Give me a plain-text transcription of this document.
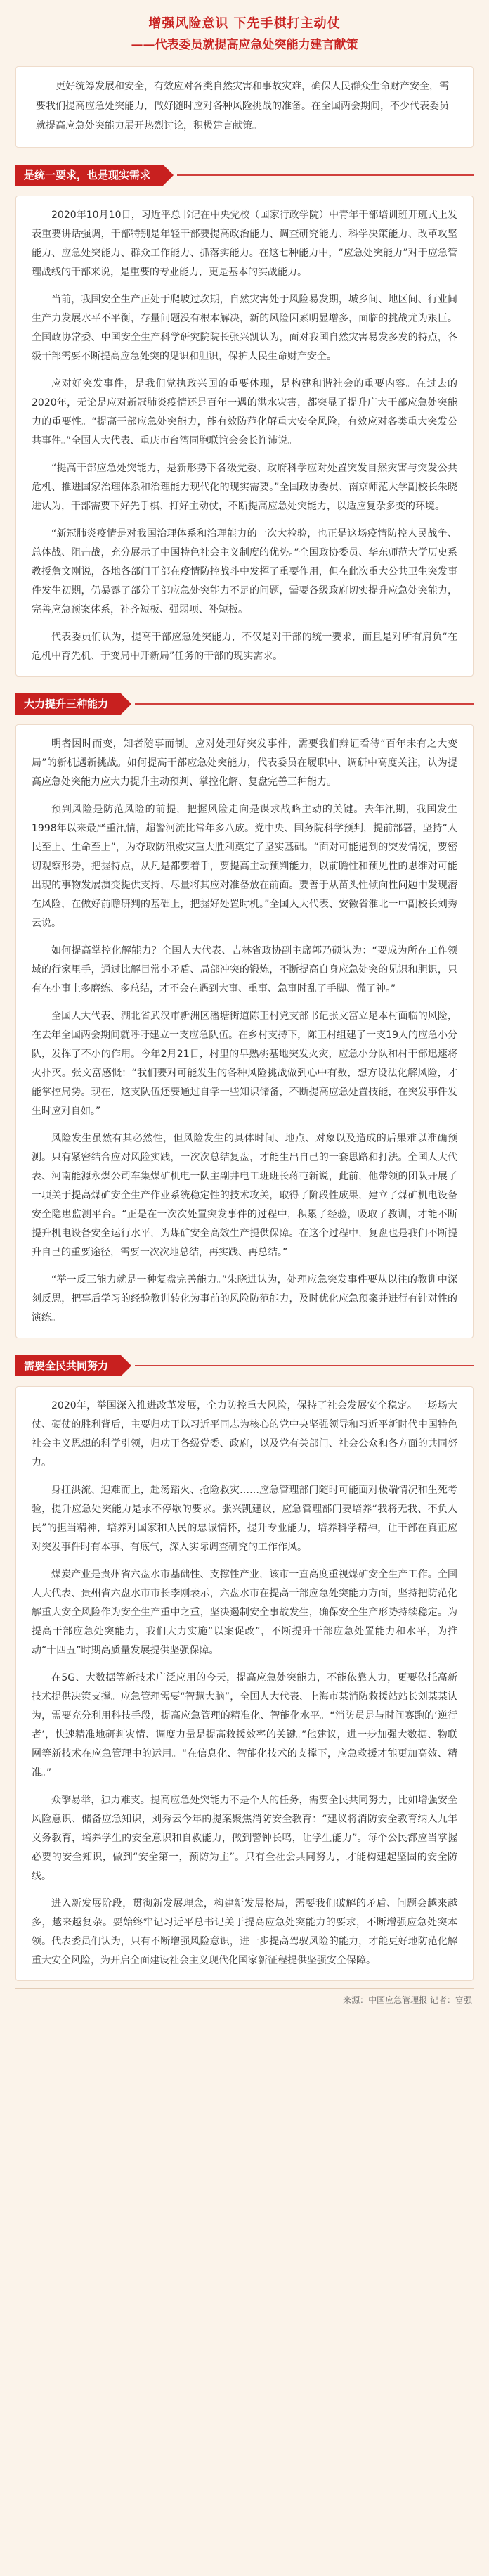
增强风险意识 下先手棋打主动仗
——代表委员就提高应急处突能力建言献策

更好统筹发展和安全，有效应对各类自然灾害和事故灾难，确保人民群众生命财产安全，需要我们提高应急处突能力，做好随时应对各种风险挑战的准备。在全国两会期间，不少代表委员就提高应急处突能力展开热烈讨论，积极建言献策。

是统一要求，也是现实需求

2020年10月10日，习近平总书记在中央党校（国家行政学院）中青年干部培训班开班式上发表重要讲话强调，干部特别是年轻干部要提高政治能力、调查研究能力、科学决策能力、改革攻坚能力、应急处突能力、群众工作能力、抓落实能力。在这七种能力中，“应急处突能力”对于应急管理战线的干部来说，是重要的专业能力，更是基本的实战能力。

当前，我国安全生产正处于爬坡过坎期，自然灾害处于风险易发期，城乡间、地区间、行业间生产力发展水平不平衡，存量问题没有根本解决，新的风险因素明显增多，面临的挑战尤为艰巨。全国政协常委、中国安全生产科学研究院院长张兴凯认为，面对我国自然灾害易发多发的特点，各级干部需要不断提高应急处突的见识和胆识，保护人民生命财产安全。

应对好突发事件，是我们党执政兴国的重要体现，是构建和谐社会的重要内容。在过去的2020年，无论是应对新冠肺炎疫情还是百年一遇的洪水灾害，都突显了提升广大干部应急处突能力的重要性。“提高干部应急处突能力，能有效防范化解重大安全风险，有效应对各类重大突发公共事件。”全国人大代表、重庆市台湾同胞联谊会会长许沛说。

“提高干部应急处突能力，是新形势下各级党委、政府科学应对处置突发自然灾害与突发公共危机、推进国家治理体系和治理能力现代化的现实需要。”全国政协委员、南京师范大学副校长朱晓进认为，干部需要下好先手棋、打好主动仗，不断提高应急处突能力，以适应复杂多变的环境。

“新冠肺炎疫情是对我国治理体系和治理能力的一次大检验，也正是这场疫情防控人民战争、总体战、阻击战，充分展示了中国特色社会主义制度的优势。”全国政协委员、华东师范大学历史系教授詹文刚说，各地各部门干部在疫情防控战斗中发挥了重要作用，但在此次重大公共卫生突发事件发生初期，仍暴露了部分干部应急处突能力不足的问题，需要各级政府切实提升应急处突能力，完善应急预案体系，补齐短板、强弱项、补短板。

代表委员们认为，提高干部应急处突能力，不仅是对干部的统一要求，而且是对所有肩负“在危机中育先机、于变局中开新局”任务的干部的现实需求。

大力提升三种能力

明者因时而变，知者随事而制。应对处理好突发事件，需要我们辩证看待“百年未有之大变局”的新机遇新挑战。如何提高干部应急处突能力，代表委员在履职中、调研中高度关注，认为提高应急处突能力应大力提升主动预判、掌控化解、复盘完善三种能力。

预判风险是防范风险的前提，把握风险走向是谋求战略主动的关键。去年汛期，我国发生1998年以来最严重汛情，超警河流比常年多八成。党中央、国务院科学预判，提前部署，坚持“人民至上、生命至上”，为夺取防汛救灾重大胜利奠定了坚实基础。“面对可能遇到的突发情况，要密切观察形势，把握特点，从凡是都要着手，要提高主动预判能力，以前瞻性和预见性的思维对可能出现的事物发展演变提供支持，尽量将其应对准备放在前面。要善于从苗头性倾向性问题中发现潜在风险，在做好前瞻研判的基础上，把握好处置时机。”全国人大代表、安徽省淮北一中副校长刘秀云说。

如何提高掌控化解能力？全国人大代表、吉林省政协副主席郭乃硕认为：“要成为所在工作领域的行家里手，通过比解目常小矛盾、局部冲突的锻炼，不断提高自身应急处突的见识和胆识，只有在小事上多磨练、多总结，才不会在遇到大事、重事、急事时乱了手脚、慌了神。”

全国人大代表、湖北省武汉市新洲区潘塘街道陈王村党支部书记张文富立足本村面临的风险，在去年全国两会期间就呼吁建立一支应急队伍。在乡村支持下，陈王村组建了一支19人的应急小分队，发挥了不小的作用。今年2月21日，村里的早熟桃基地突发火灾，应急小分队和村干部迅速将火扑灭。张文富感慨：“我们要对可能发生的各种风险挑战做到心中有数，想方设法化解风险，才能掌控局势。现在，这支队伍还要通过自学一些知识储备，不断提高应急处置技能，在突发事件发生时应对自如。”

风险发生虽然有其必然性，但风险发生的具体时间、地点、对象以及造成的后果难以准确预测。只有紧密结合应对风险实践，一次次总结复盘，才能生出自己的一套思路和打法。全国人大代表、河南能源永煤公司车集煤矿机电一队主副井电工班班长蒋屯新说，此前，他带领的团队开展了一项关于提高煤矿安全生产作业系统稳定性的技术攻关，取得了阶段性成果，建立了煤矿机电设备安全隐患监测平台。“正是在一次次处置突发事件的过程中，积累了经验，吸取了教训，才能不断提升机电设备安全运行水平，为煤矿安全高效生产提供保障。在这个过程中，复盘也是我们不断提升自己的重要途径，需要一次次地总结，再实践、再总结。”

“举一反三能力就是一种复盘完善能力。”朱晓进认为，处理应急突发事件要从以往的教训中深刻反思，把事后学习的经验教训转化为事前的风险防范能力，及时优化应急预案并进行有针对性的演练。

需要全民共同努力

2020年，举国深入推进改革发展，全力防控重大风险，保持了社会发展安全稳定。一场场大仗、硬仗的胜利背后，主要归功于以习近平同志为核心的党中央坚强领导和习近平新时代中国特色社会主义思想的科学引领，归功于各级党委、政府，以及党有关部门、社会公众和各方面的共同努力。

身扛洪流、迎难而上，赴汤蹈火、抢险救灾……应急管理部门随时可能面对极端情况和生死考验，提升应急处突能力是永不停歇的要求。张兴凯建议，应急管理部门要培养“我将无我、不负人民”的担当精神，培养对国家和人民的忠诚情怀，提升专业能力，培养科学精神，让干部在真正应对突发事件时有本事、有底气，深入实际调查研究的工作作风。

煤炭产业是贵州省六盘水市基础性、支撑性产业，该市一直高度重视煤矿安全生产工作。全国人大代表、贵州省六盘水市市长李刚表示，六盘水市在提高干部应急处突能力方面，坚持把防范化解重大安全风险作为安全生产重中之重，坚决遏制安全事故发生，确保安全生产形势持续稳定。为提高干部应急处突能力，我们大力实施“以案促改”，不断提升干部应急处置能力和水平，为推动“十四五”时期高质量发展提供坚强保障。

在5G、大数据等新技术广泛应用的今天，提高应急处突能力，不能依靠人力，更要依托高新技术提供决策支撑。应急管理需要“智慧大脑”，全国人大代表、上海市某消防救援站站长刘某某认为，需要充分利用科技手段，提高应急管理的精准化、智能化水平。“消防员是与时间赛跑的‘逆行者’，快速精准地研判灾情、调度力量是提高救援效率的关键。”他建议，进一步加强大数据、物联网等新技术在应急管理中的运用。“在信息化、智能化技术的支撑下，应急救援才能更加高效、精准。”

众擎易举，独力难支。提高应急处突能力不是个人的任务，需要全民共同努力，比如增强安全风险意识、储备应急知识，刘秀云今年的提案聚焦消防安全教育：“建议将消防安全教育纳入九年义务教育，培养学生的安全意识和自救能力，做到警钟长鸣，让学生能力”。每个公民都应当掌握必要的安全知识，做到“安全第一，预防为主”。只有全社会共同努力，才能构建起坚固的安全防线。

进入新发展阶段，贯彻新发展理念，构建新发展格局，需要我们破解的矛盾、问题会越来越多，越来越复杂。要始终牢记习近平总书记关于提高应急处突能力的要求，不断增强应急处突本领。代表委员们认为，只有不断增强风险意识，进一步提高驾驭风险的能力，才能更好地防范化解重大安全风险，为开启全面建设社会主义现代化国家新征程提供坚强安全保障。

来源：中国应急管理报 记者：富强
